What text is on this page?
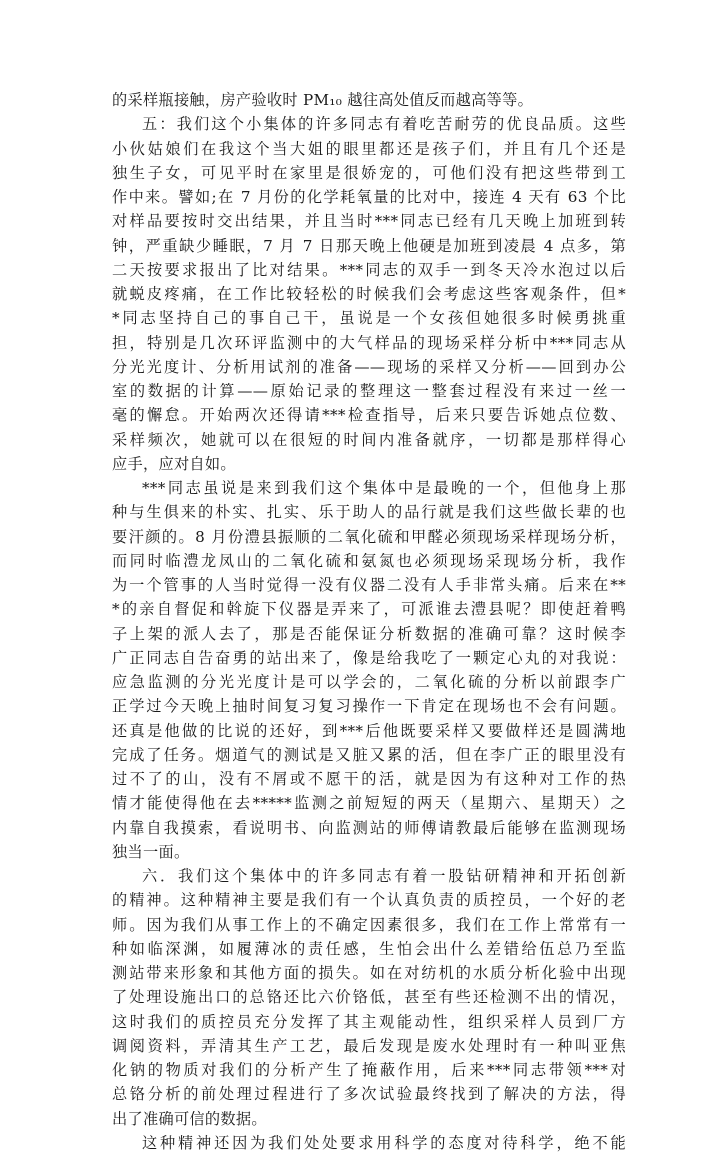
的采样瓶接触，房产验收时 PM₁₀ 越往高处值反而越高等等。
五：我们这个小集体的许多同志有着吃苦耐劳的优良品质。这些
小伙姑娘们在我这个当大姐的眼里都还是孩子们，并且有几个还是
独生子女，可见平时在家里是很娇宠的，可他们没有把这些带到工
作中来。譬如;在 7 月份的化学耗氧量的比对中，接连 4 天有 63 个比
对样品要按时交出结果，并且当时***同志已经有几天晚上加班到转
钟，严重缺少睡眠，7 月 7 日那天晚上他硬是加班到凌晨 4 点多，第
二天按要求报出了比对结果。***同志的双手一到冬天冷水泡过以后
就蜕皮疼痛，在工作比较轻松的时候我们会考虑这些客观条件，但*
*同志坚持自己的事自己干，虽说是一个女孩但她很多时候勇挑重
担，特别是几次环评监测中的大气样品的现场采样分析中***同志从
分光光度计、分析用试剂的准备——现场的采样又分析——回到办公
室的数据的计算——原始记录的整理这一整套过程没有来过一丝一
毫的懈怠。开始两次还得请***检查指导，后来只要告诉她点位数、
采样频次，她就可以在很短的时间内准备就序，一切都是那样得心
应手，应对自如。
***同志虽说是来到我们这个集体中是最晚的一个，但他身上那
种与生俱来的朴实、扎实、乐于助人的品行就是我们这些做长辈的也
要汗颜的。8 月份澧县振顺的二氧化硫和甲醛必须现场采样现场分析，
而同时临澧龙凤山的二氧化硫和氨氮也必须现场采现场分析，我作
为一个管事的人当时觉得一没有仪器二没有人手非常头痛。后来在**
*的亲自督促和斡旋下仪器是弄来了，可派谁去澧县呢？即使赶着鸭
子上架的派人去了，那是否能保证分析数据的准确可靠？这时候李
广正同志自告奋勇的站出来了，像是给我吃了一颗定心丸的对我说：
应急监测的分光光度计是可以学会的，二氧化硫的分析以前跟李广
正学过今天晚上抽时间复习复习操作一下肯定在现场也不会有问题。
还真是他做的比说的还好，到***后他既要采样又要做样还是圆满地
完成了任务。烟道气的测试是又脏又累的活，但在李广正的眼里没有
过不了的山，没有不屑或不愿干的活，就是因为有这种对工作的热
情才能使得他在去*****监测之前短短的两天（星期六、星期天）之
内靠自我摸索，看说明书、向监测站的师傅请教最后能够在监测现场
独当一面。
六．我们这个集体中的许多同志有着一股钻研精神和开拓创新
的精神。这种精神主要是我们有一个认真负责的质控员，一个好的老
师。因为我们从事工作上的不确定因素很多，我们在工作上常常有一
种如临深渊，如履薄冰的责任感，生怕会出什么差错给伍总乃至监
测站带来形象和其他方面的损失。如在对纺机的水质分析化验中出现
了处理设施出口的总铬还比六价铬低，甚至有些还检测不出的情况，
这时我们的质控员充分发挥了其主观能动性，组织采样人员到厂方
调阅资料，弄清其生产工艺，最后发现是废水处理时有一种叫亚焦
化钠的物质对我们的分析产生了掩蔽作用，后来***同志带领***对
总铬分析的前处理过程进行了多次试验最终找到了解决的方法，得
出了准确可信的数据。
这种精神还因为我们处处要求用科学的态度对待科学，绝不能
